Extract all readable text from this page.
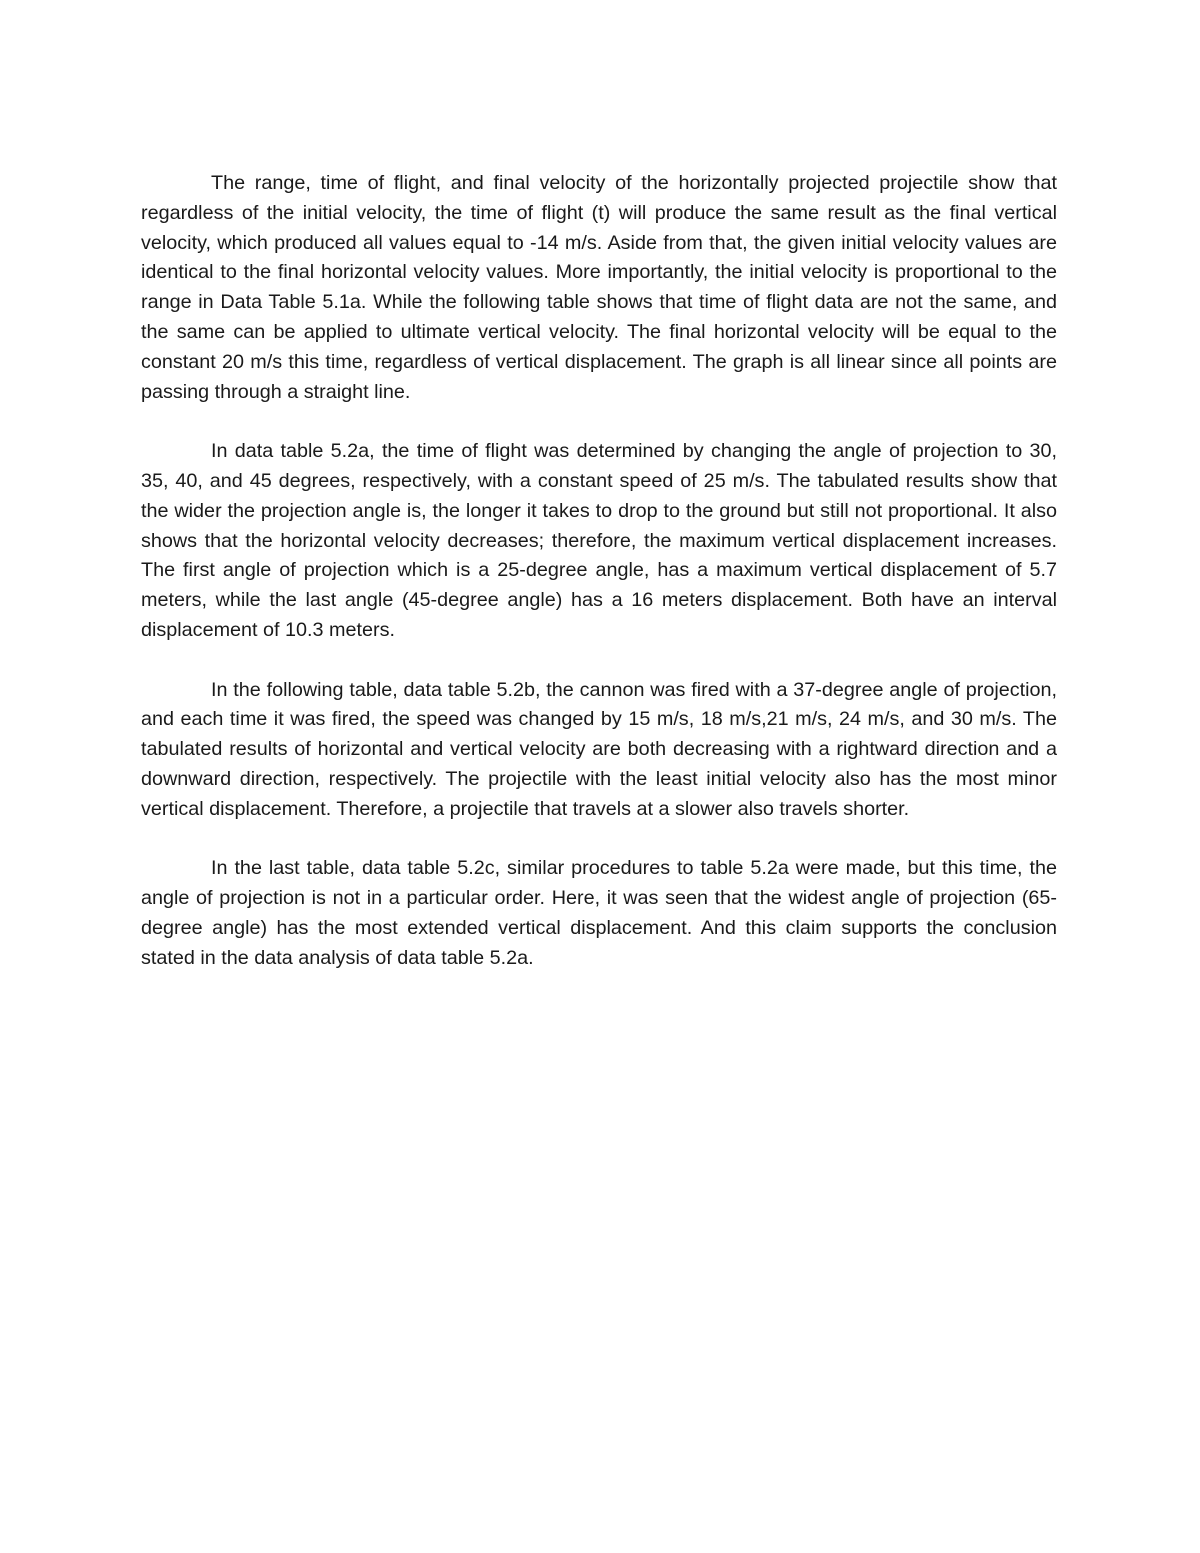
The range, time of flight, and final velocity of the horizontally projected projectile show that regardless of the initial velocity, the time of flight (t) will produce the same result as the final vertical velocity, which produced all values equal to -14 m/s. Aside from that, the given initial velocity values are identical to the final horizontal velocity values. More importantly, the initial velocity is proportional to the range in Data Table 5.1a. While the following table shows that time of flight data are not the same, and the same can be applied to ultimate vertical velocity. The final horizontal velocity will be equal to the constant 20 m/s this time, regardless of vertical displacement. The graph is all linear since all points are passing through a straight line.

In data table 5.2a, the time of flight was determined by changing the angle of projection to 30, 35, 40, and 45 degrees, respectively, with a constant speed of 25 m/s. The tabulated results show that the wider the projection angle is, the longer it takes to drop to the ground but still not proportional. It also shows that the horizontal velocity decreases; therefore, the maximum vertical displacement increases. The first angle of projection which is a 25-degree angle, has a maximum vertical displacement of 5.7 meters, while the last angle (45-degree angle) has a 16 meters displacement. Both have an interval displacement of 10.3 meters.

In the following table, data table 5.2b, the cannon was fired with a 37-degree angle of projection, and each time it was fired, the speed was changed by 15 m/s, 18 m/s,21 m/s, 24 m/s, and 30 m/s. The tabulated results of horizontal and vertical velocity are both decreasing with a rightward direction and a downward direction, respectively. The projectile with the least initial velocity also has the most minor vertical displacement. Therefore, a projectile that travels at a slower also travels shorter.

In the last table, data table 5.2c, similar procedures to table 5.2a were made, but this time, the angle of projection is not in a particular order. Here, it was seen that the widest angle of projection (65-degree angle) has the most extended vertical displacement. And this claim supports the conclusion stated in the data analysis of data table 5.2a.
